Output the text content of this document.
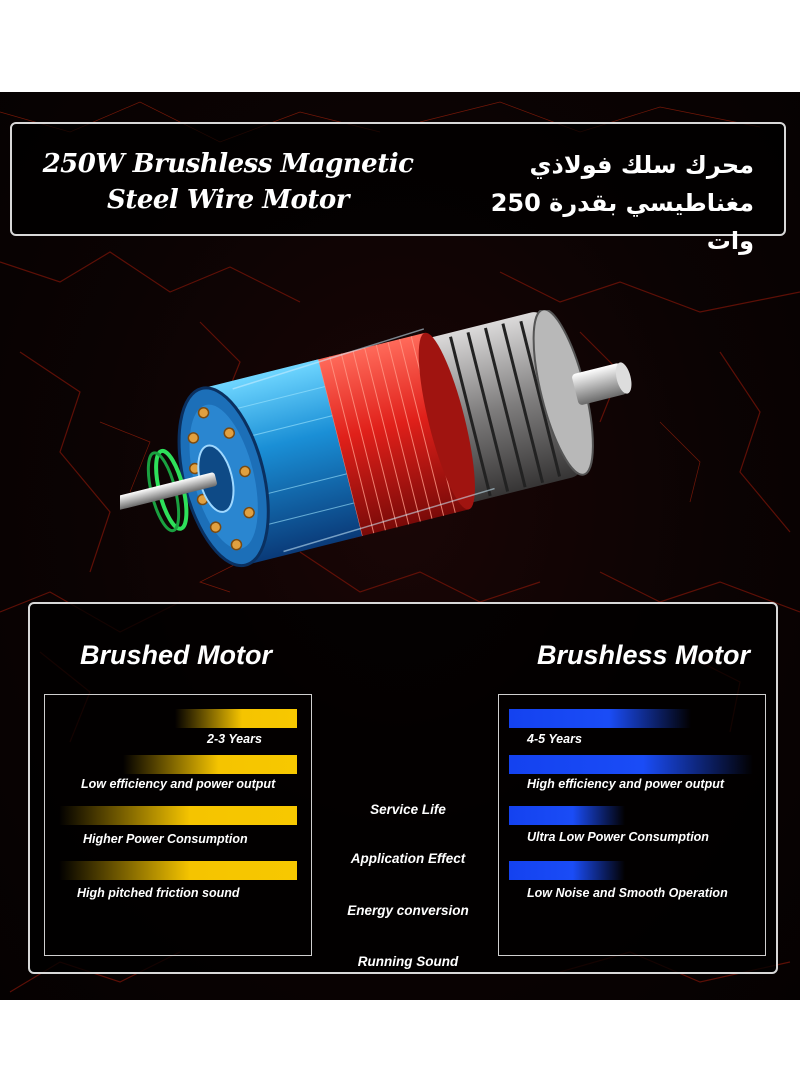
250W Brushless Magnetic
Steel Wire Motor
محرك سلك فولاذي
مغناطيسي بقدرة 250 وات
Brushed Motor	Brushless Motor
2-3 Years
Low efficiency and power output
Higher Power Consumption
High pitched friction sound
Service Life
Application Effect
Energy conversion
Running Sound
4-5 Years
High efficiency and power output
Ultra Low Power Consumption
Low Noise and Smooth Operation
